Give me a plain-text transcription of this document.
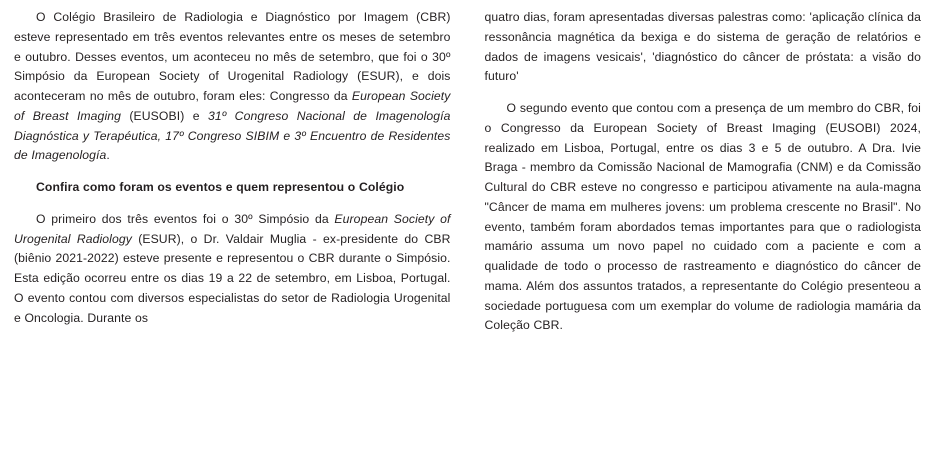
O Colégio Brasileiro de Radiologia e Diagnóstico por Imagem (CBR) esteve representado em três eventos relevantes entre os meses de setembro e outubro. Desses eventos, um aconteceu no mês de setembro, que foi o 30º Simpósio da European Society of Urogenital Radiology (ESUR), e dois aconteceram no mês de outubro, foram eles: Congresso da European Society of Breast Imaging (EUSOBI) e 31º Congreso Nacional de Imagenología Diagnóstica y Terapéutica, 17º Congreso SIBIM e 3º Encuentro de Residentes de Imagenología.

Confira como foram os eventos e quem representou o Colégio

O primeiro dos três eventos foi o 30º Simpósio da European Society of Urogenital Radiology (ESUR), o Dr. Valdair Muglia - ex-presidente do CBR (biênio 2021-2022) esteve presente e representou o CBR durante o Simpósio. Esta edição ocorreu entre os dias 19 a 22 de setembro, em Lisboa, Portugal. O evento contou com diversos especialistas do setor de Radiologia Urogenital e Oncologia. Durante os

quatro dias, foram apresentadas diversas palestras como: 'aplicação clínica da ressonância magnética da bexiga e do sistema de geração de relatórios e dados de imagens vesicais', 'diagnóstico do câncer de próstata: a visão do futuro'

O segundo evento que contou com a presença de um membro do CBR, foi o Congresso da European Society of Breast Imaging (EUSOBI) 2024, realizado em Lisboa, Portugal, entre os dias 3 e 5 de outubro. A Dra. Ivie Braga - membro da Comissão Nacional de Mamografia (CNM) e da Comissão Cultural do CBR esteve no congresso e participou ativamente na aula-magna "Câncer de mama em mulheres jovens: um problema crescente no Brasil". No evento, também foram abordados temas importantes para que o radiologista mamário assuma um novo papel no cuidado com a paciente e com a qualidade de todo o processo de rastreamento e diagnóstico do câncer de mama. Além dos assuntos tratados, a representante do Colégio presenteou a sociedade portuguesa com um exemplar do volume de radiologia mamária da Coleção CBR.
